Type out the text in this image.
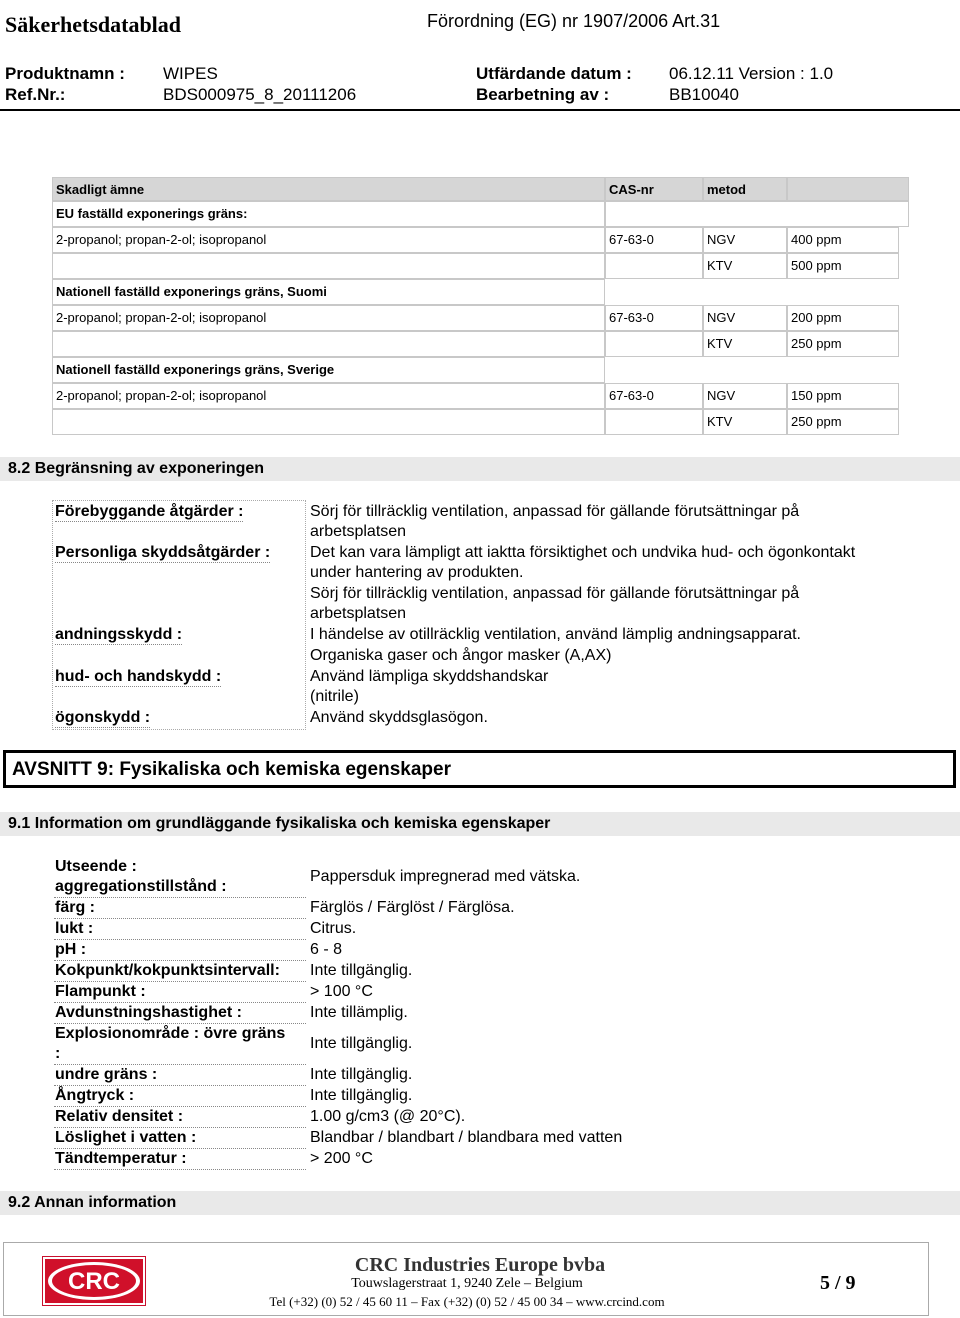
Säkerhetsdatablad	Förordning (EG) nr 1907/2006 Art.31
Produktnamn : WIPES	Utfärdande datum : 06.12.11 Version : 1.0
Ref.Nr.:	BDS000975_8_20111206	Bearbetning av :	BB10040
Skadligt ämne	CAS-nr	metod
EU faställd exponerings gräns:
2-propanol; propan-2-ol; isopropanol	67-63-0	NGV	400 ppm
KTV	500 ppm
Nationell faställd exponerings gräns, Suomi
2-propanol; propan-2-ol; isopropanol	67-63-0	NGV	200 ppm
KTV	250 ppm
Nationell faställd exponerings gräns, Sverige
2-propanol; propan-2-ol; isopropanol	67-63-0	NGV	150 ppm
KTV	250 ppm
8.2 Begränsning av exponeringen
Förebyggande åtgärder :	Sörj för tillräcklig ventilation, anpassad för gällande förutsättningar på
arbetsplatsen
Personliga skyddsåtgärder : Det kan vara lämpligt att iaktta försiktighet och undvika hud- och ögonkontakt
under hantering av produkten.
Sörj för tillräcklig ventilation, anpassad för gällande förutsättningar på
arbetsplatsen
andningsskydd :	I händelse av otillräcklig ventilation, använd lämplig andningsapparat.
Organiska gaser och ångor masker (A,AX)
hud- och handskydd :	Använd lämpliga skyddshandskar
(nitrile)
ögonskydd :	Använd skyddsglasögon.
AVSNITT 9: Fysikaliska och kemiska egenskaper
9.1 Information om grundläggande fysikaliska och kemiska egenskaper
Utseende :
aggregationstillstånd :
Pappersduk impregnerad med vätska.
färg :	Färglös / Färglöst / Färglösa.
lukt :	Citrus.
pH :	6 - 8
Kokpunkt/kokpunktsintervall: Inte tillgänglig.
Flampunkt :	> 100 °C
Avdunstningshastighet :	Inte tillämplig.
Explosionområde : övre gräns
:
Inte tillgänglig.
undre gräns :	Inte tillgänglig.
Ångtryck :	Inte tillgänglig.
Relativ densitet :	1.00 g/cm3 (@ 20°C).
Löslighet i vatten :	Blandbar / blandbart / blandbara med vatten
Tändtemperatur :	> 200 °C
9.2 Annan information
CRC
CRC Industries Europe bvba
Touwslagerstraat 1, 9240 Zele – Belgium
Tel (+32) (0) 52 / 45 60 11 – Fax (+32) (0) 52 / 45 00 34 – www.crcind.com
5 / 9
